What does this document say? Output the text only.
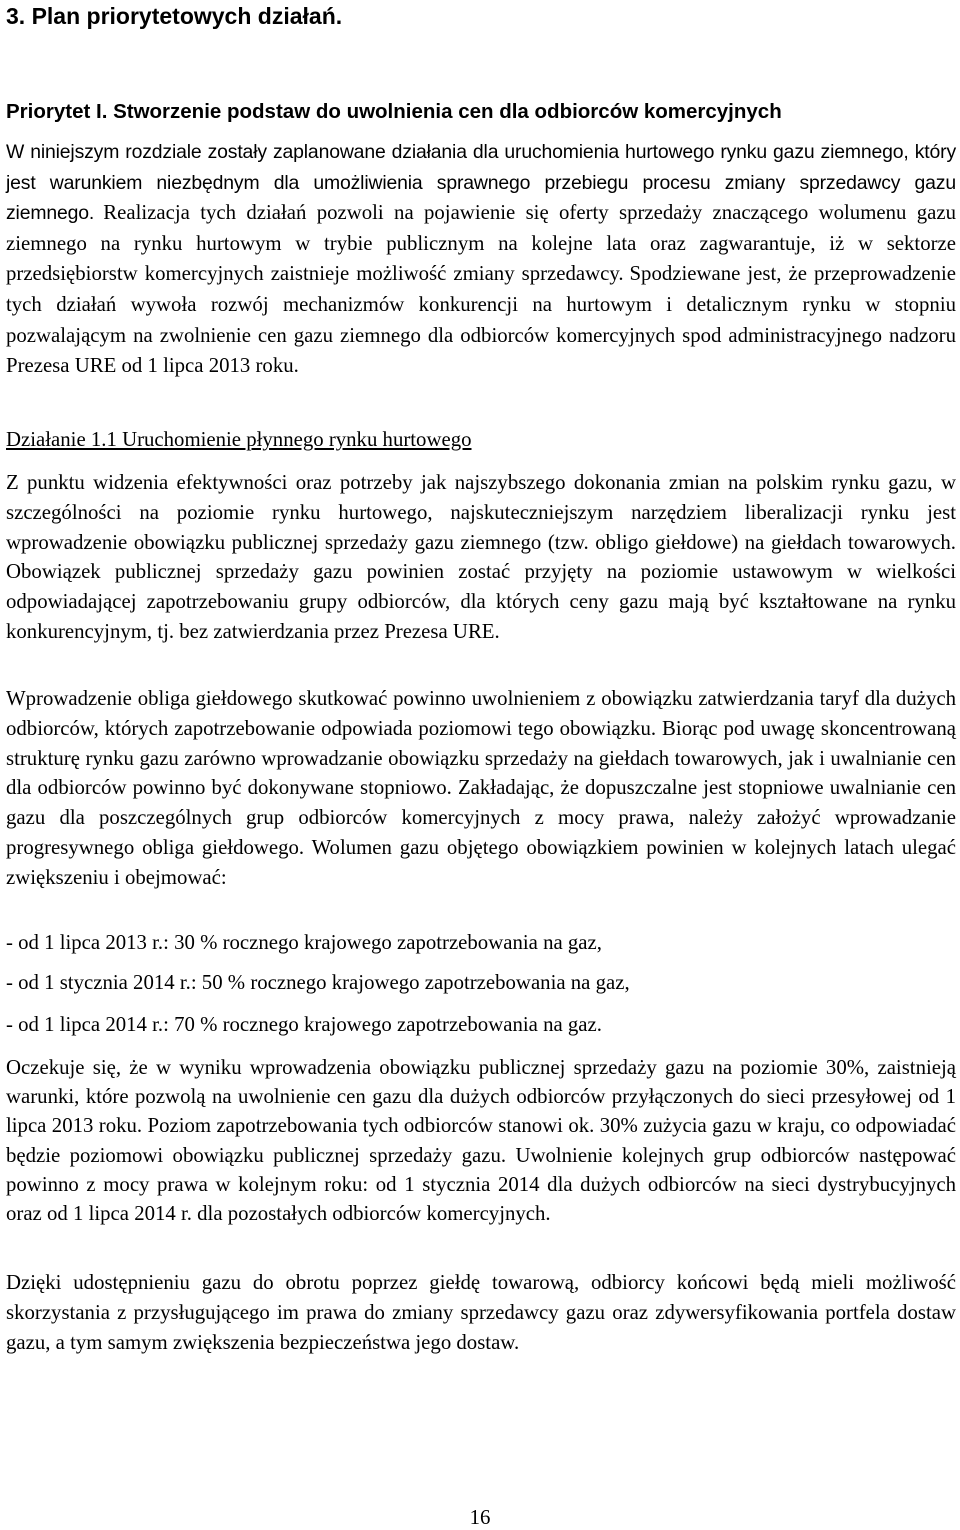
3. Plan priorytetowych działań.

Priorytet I. Stworzenie podstaw do uwolnienia cen dla odbiorców komercyjnych

W niniejszym rozdziale zostały zaplanowane działania dla uruchomienia hurtowego rynku gazu ziemnego, który jest warunkiem niezbędnym dla umożliwienia sprawnego przebiegu procesu zmiany sprzedawcy gazu ziemnego. Realizacja tych działań pozwoli na pojawienie się oferty sprzedaży znaczącego wolumenu gazu ziemnego na rynku hurtowym w trybie publicznym na kolejne lata oraz zagwarantuje, iż w sektorze przedsiębiorstw komercyjnych zaistnieje możliwość zmiany sprzedawcy. Spodziewane jest, że przeprowadzenie tych działań wywoła rozwój mechanizmów konkurencji na hurtowym i detalicznym rynku w stopniu pozwalającym na zwolnienie cen gazu ziemnego dla odbiorców komercyjnych spod administracyjnego nadzoru Prezesa URE od 1 lipca 2013 roku.

Działanie 1.1 Uruchomienie płynnego rynku hurtowego

Z punktu widzenia efektywności oraz potrzeby jak najszybszego dokonania zmian na polskim rynku gazu, w szczególności na poziomie rynku hurtowego, najskuteczniejszym narzędziem liberalizacji rynku jest wprowadzenie obowiązku publicznej sprzedaży gazu ziemnego (tzw. obligo giełdowe) na giełdach towarowych. Obowiązek publicznej sprzedaży gazu powinien zostać przyjęty na poziomie ustawowym w wielkości odpowiadającej zapotrzebowaniu grupy odbiorców, dla których ceny gazu mają być kształtowane na rynku konkurencyjnym, tj. bez zatwierdzania przez Prezesa URE.

Wprowadzenie obliga giełdowego skutkować powinno uwolnieniem z obowiązku zatwierdzania taryf dla dużych odbiorców, których zapotrzebowanie odpowiada poziomowi tego obowiązku. Biorąc pod uwagę skoncentrowaną strukturę rynku gazu zarówno wprowadzanie obowiązku sprzedaży na giełdach towarowych, jak i uwalnianie cen dla odbiorców powinno być dokonywane stopniowo. Zakładając, że dopuszczalne jest stopniowe uwalnianie cen gazu dla poszczególnych grup odbiorców komercyjnych z mocy prawa, należy założyć wprowadzanie progresywnego obliga giełdowego. Wolumen gazu objętego obowiązkiem powinien w kolejnych latach ulegać zwiększeniu i obejmować:

- od 1 lipca 2013 r.: 30 % rocznego krajowego zapotrzebowania na gaz,

- od 1 stycznia 2014 r.: 50 % rocznego krajowego zapotrzebowania na gaz,

- od 1 lipca 2014 r.: 70 % rocznego krajowego zapotrzebowania na gaz.

Oczekuje się, że w wyniku wprowadzenia obowiązku publicznej sprzedaży gazu na poziomie 30%, zaistnieją warunki, które pozwolą na uwolnienie cen gazu dla dużych odbiorców przyłączonych do sieci przesyłowej od 1 lipca 2013 roku. Poziom zapotrzebowania tych odbiorców stanowi ok. 30% zużycia gazu w kraju, co odpowiadać będzie poziomowi obowiązku publicznej sprzedaży gazu. Uwolnienie kolejnych grup odbiorców następować powinno z mocy prawa w kolejnym roku: od 1 stycznia 2014 dla dużych odbiorców na sieci dystrybucyjnych oraz od 1 lipca 2014 r. dla pozostałych odbiorców komercyjnych.

Dzięki udostępnieniu gazu do obrotu poprzez giełdę towarową, odbiorcy końcowi będą mieli możliwość skorzystania z przysługującego im prawa do zmiany sprzedawcy gazu oraz zdywersyfikowania portfela dostaw gazu, a tym samym zwiększenia bezpieczeństwa jego dostaw.

16
